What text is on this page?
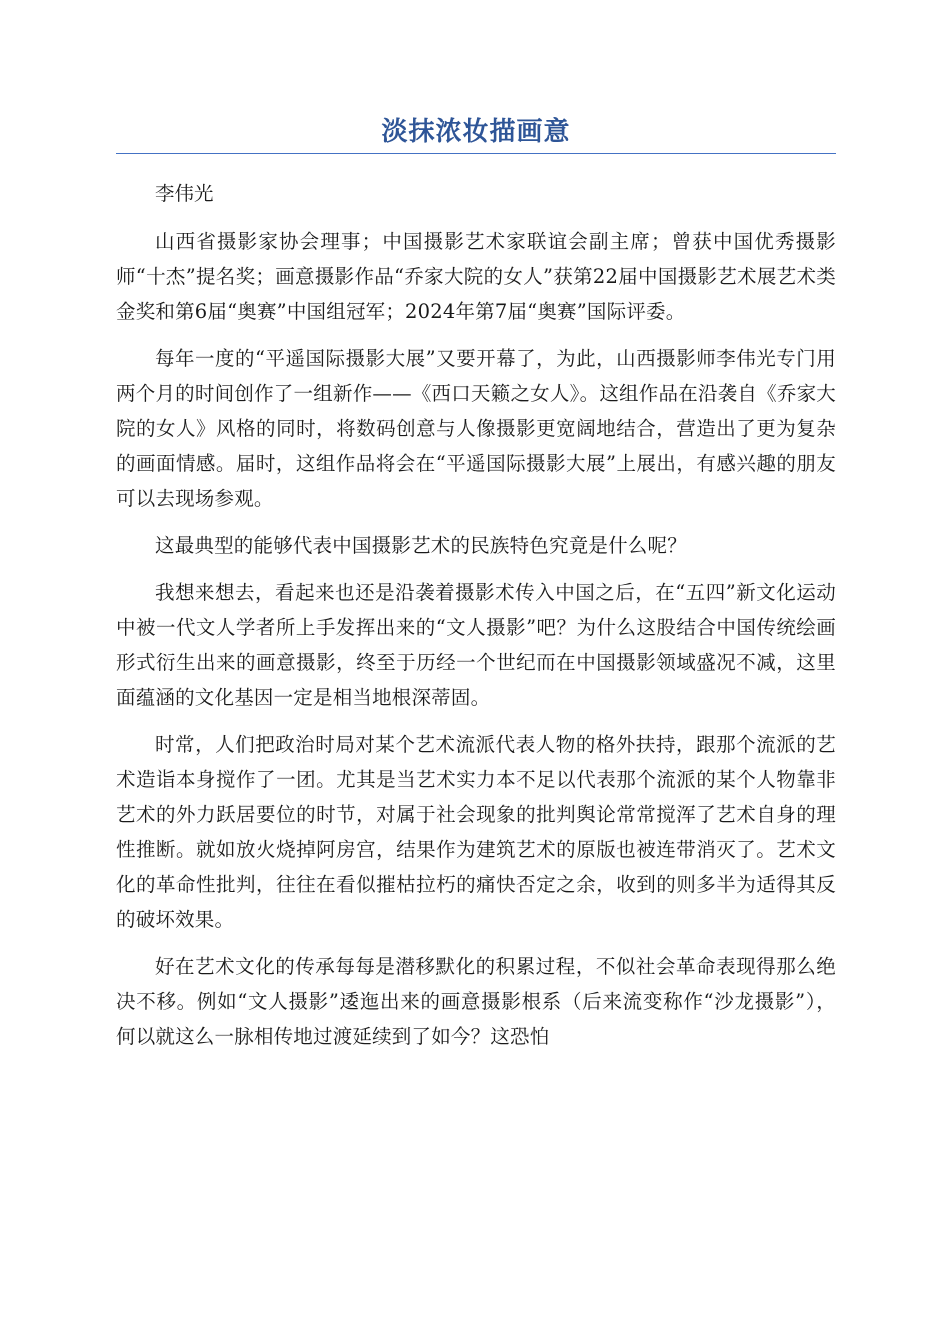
淡抹浓妆描画意

李伟光

山西省摄影家协会理事；中国摄影艺术家联谊会副主席；曾获中国优秀摄影师“十杰”提名奖；画意摄影作品“乔家大院的女人”获第22届中国摄影艺术展艺术类金奖和第6届“奥赛”中国组冠军；2024年第7届“奥赛”国际评委。

每年一度的“平遥国际摄影大展”又要开幕了，为此，山西摄影师李伟光专门用两个月的时间创作了一组新作——《西口天籁之女人》。这组作品在沿袭自《乔家大院的女人》风格的同时，将数码创意与人像摄影更宽阔地结合，营造出了更为复杂的画面情感。届时，这组作品将会在“平遥国际摄影大展”上展出，有感兴趣的朋友可以去现场参观。

这最典型的能够代表中国摄影艺术的民族特色究竟是什么呢？

我想来想去，看起来也还是沿袭着摄影术传入中国之后，在“五四”新文化运动中被一代文人学者所上手发挥出来的“文人摄影”吧？为什么这股结合中国传统绘画形式衍生出来的画意摄影，终至于历经一个世纪而在中国摄影领域盛况不减，这里面蕴涵的文化基因一定是相当地根深蒂固。

时常，人们把政治时局对某个艺术流派代表人物的格外扶持，跟那个流派的艺术造诣本身搅作了一团。尤其是当艺术实力本不足以代表那个流派的某个人物靠非艺术的外力跃居要位的时节，对属于社会现象的批判舆论常常搅浑了艺术自身的理性推断。就如放火烧掉阿房宫，结果作为建筑艺术的原版也被连带消灭了。艺术文化的革命性批判，往往在看似摧枯拉朽的痛快否定之余，收到的则多半为适得其反的破坏效果。

好在艺术文化的传承每每是潜移默化的积累过程，不似社会革命表现得那么绝决不移。例如“文人摄影”逶迤出来的画意摄影根系（后来流变称作“沙龙摄影”），何以就这么一脉相传地过渡延续到了如今？这恐怕
